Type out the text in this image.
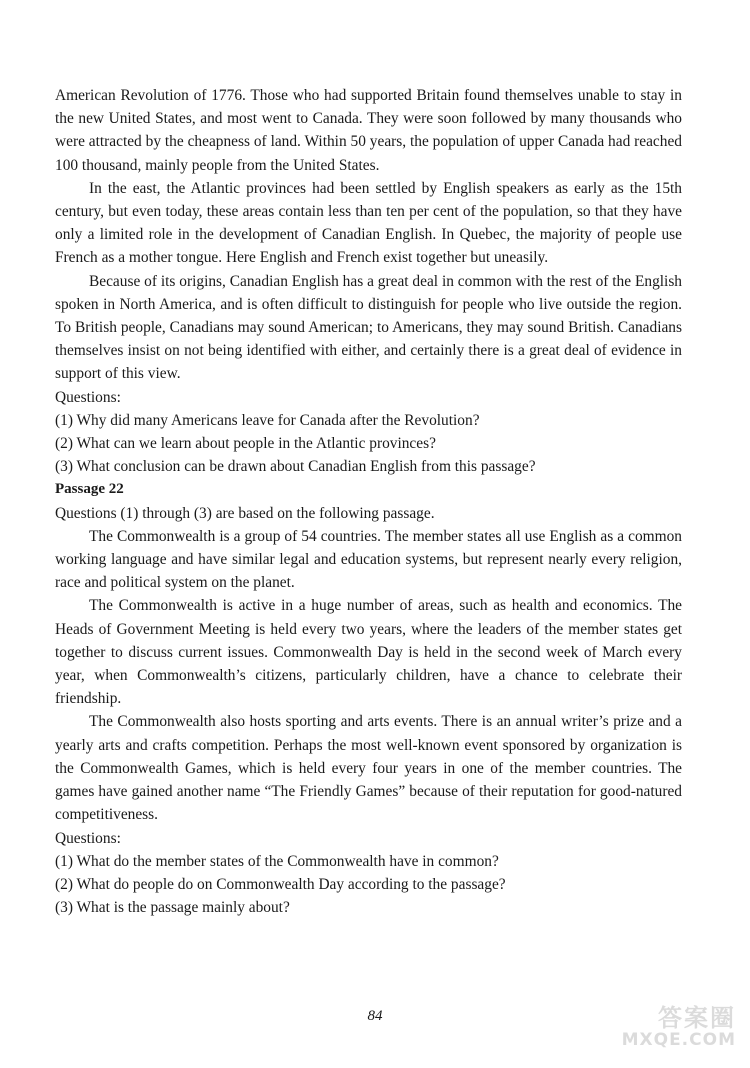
American Revolution of 1776. Those who had supported Britain found themselves unable to stay in the new United States, and most went to Canada. They were soon followed by many thousands who were attracted by the cheapness of land. Within 50 years, the population of upper Canada had reached 100 thousand, mainly people from the United States.

In the east, the Atlantic provinces had been settled by English speakers as early as the 15th century, but even today, these areas contain less than ten per cent of the population, so that they have only a limited role in the development of Canadian English. In Quebec, the majority of people use French as a mother tongue. Here English and French exist together but uneasily.

Because of its origins, Canadian English has a great deal in common with the rest of the English spoken in North America, and is often difficult to distinguish for people who live outside the region. To British people, Canadians may sound American; to Americans, they may sound British. Canadians themselves insist on not being identified with either, and certainly there is a great deal of evidence in support of this view.

Questions:

(1) Why did many Americans leave for Canada after the Revolution?

(2) What can we learn about people in the Atlantic provinces?

(3) What conclusion can be drawn about Canadian English from this passage?

Passage 22

Questions (1) through (3) are based on the following passage.

The Commonwealth is a group of 54 countries. The member states all use English as a common working language and have similar legal and education systems, but represent nearly every religion, race and political system on the planet.

The Commonwealth is active in a huge number of areas, such as health and economics. The Heads of Government Meeting is held every two years, where the leaders of the member states get together to discuss current issues. Commonwealth Day is held in the second week of March every year, when Commonwealth’s citizens, particularly children, have a chance to celebrate their friendship.

The Commonwealth also hosts sporting and arts events. There is an annual writer’s prize and a yearly arts and crafts competition. Perhaps the most well-known event sponsored by organization is the Commonwealth Games, which is held every four years in one of the member countries. The games have gained another name “The Friendly Games” because of their reputation for good-natured competitiveness.

Questions:

(1) What do the member states of the Commonwealth have in common?

(2) What do people do on Commonwealth Day according to the passage?

(3) What is the passage mainly about?

84	答案圈
MXQE.COM
